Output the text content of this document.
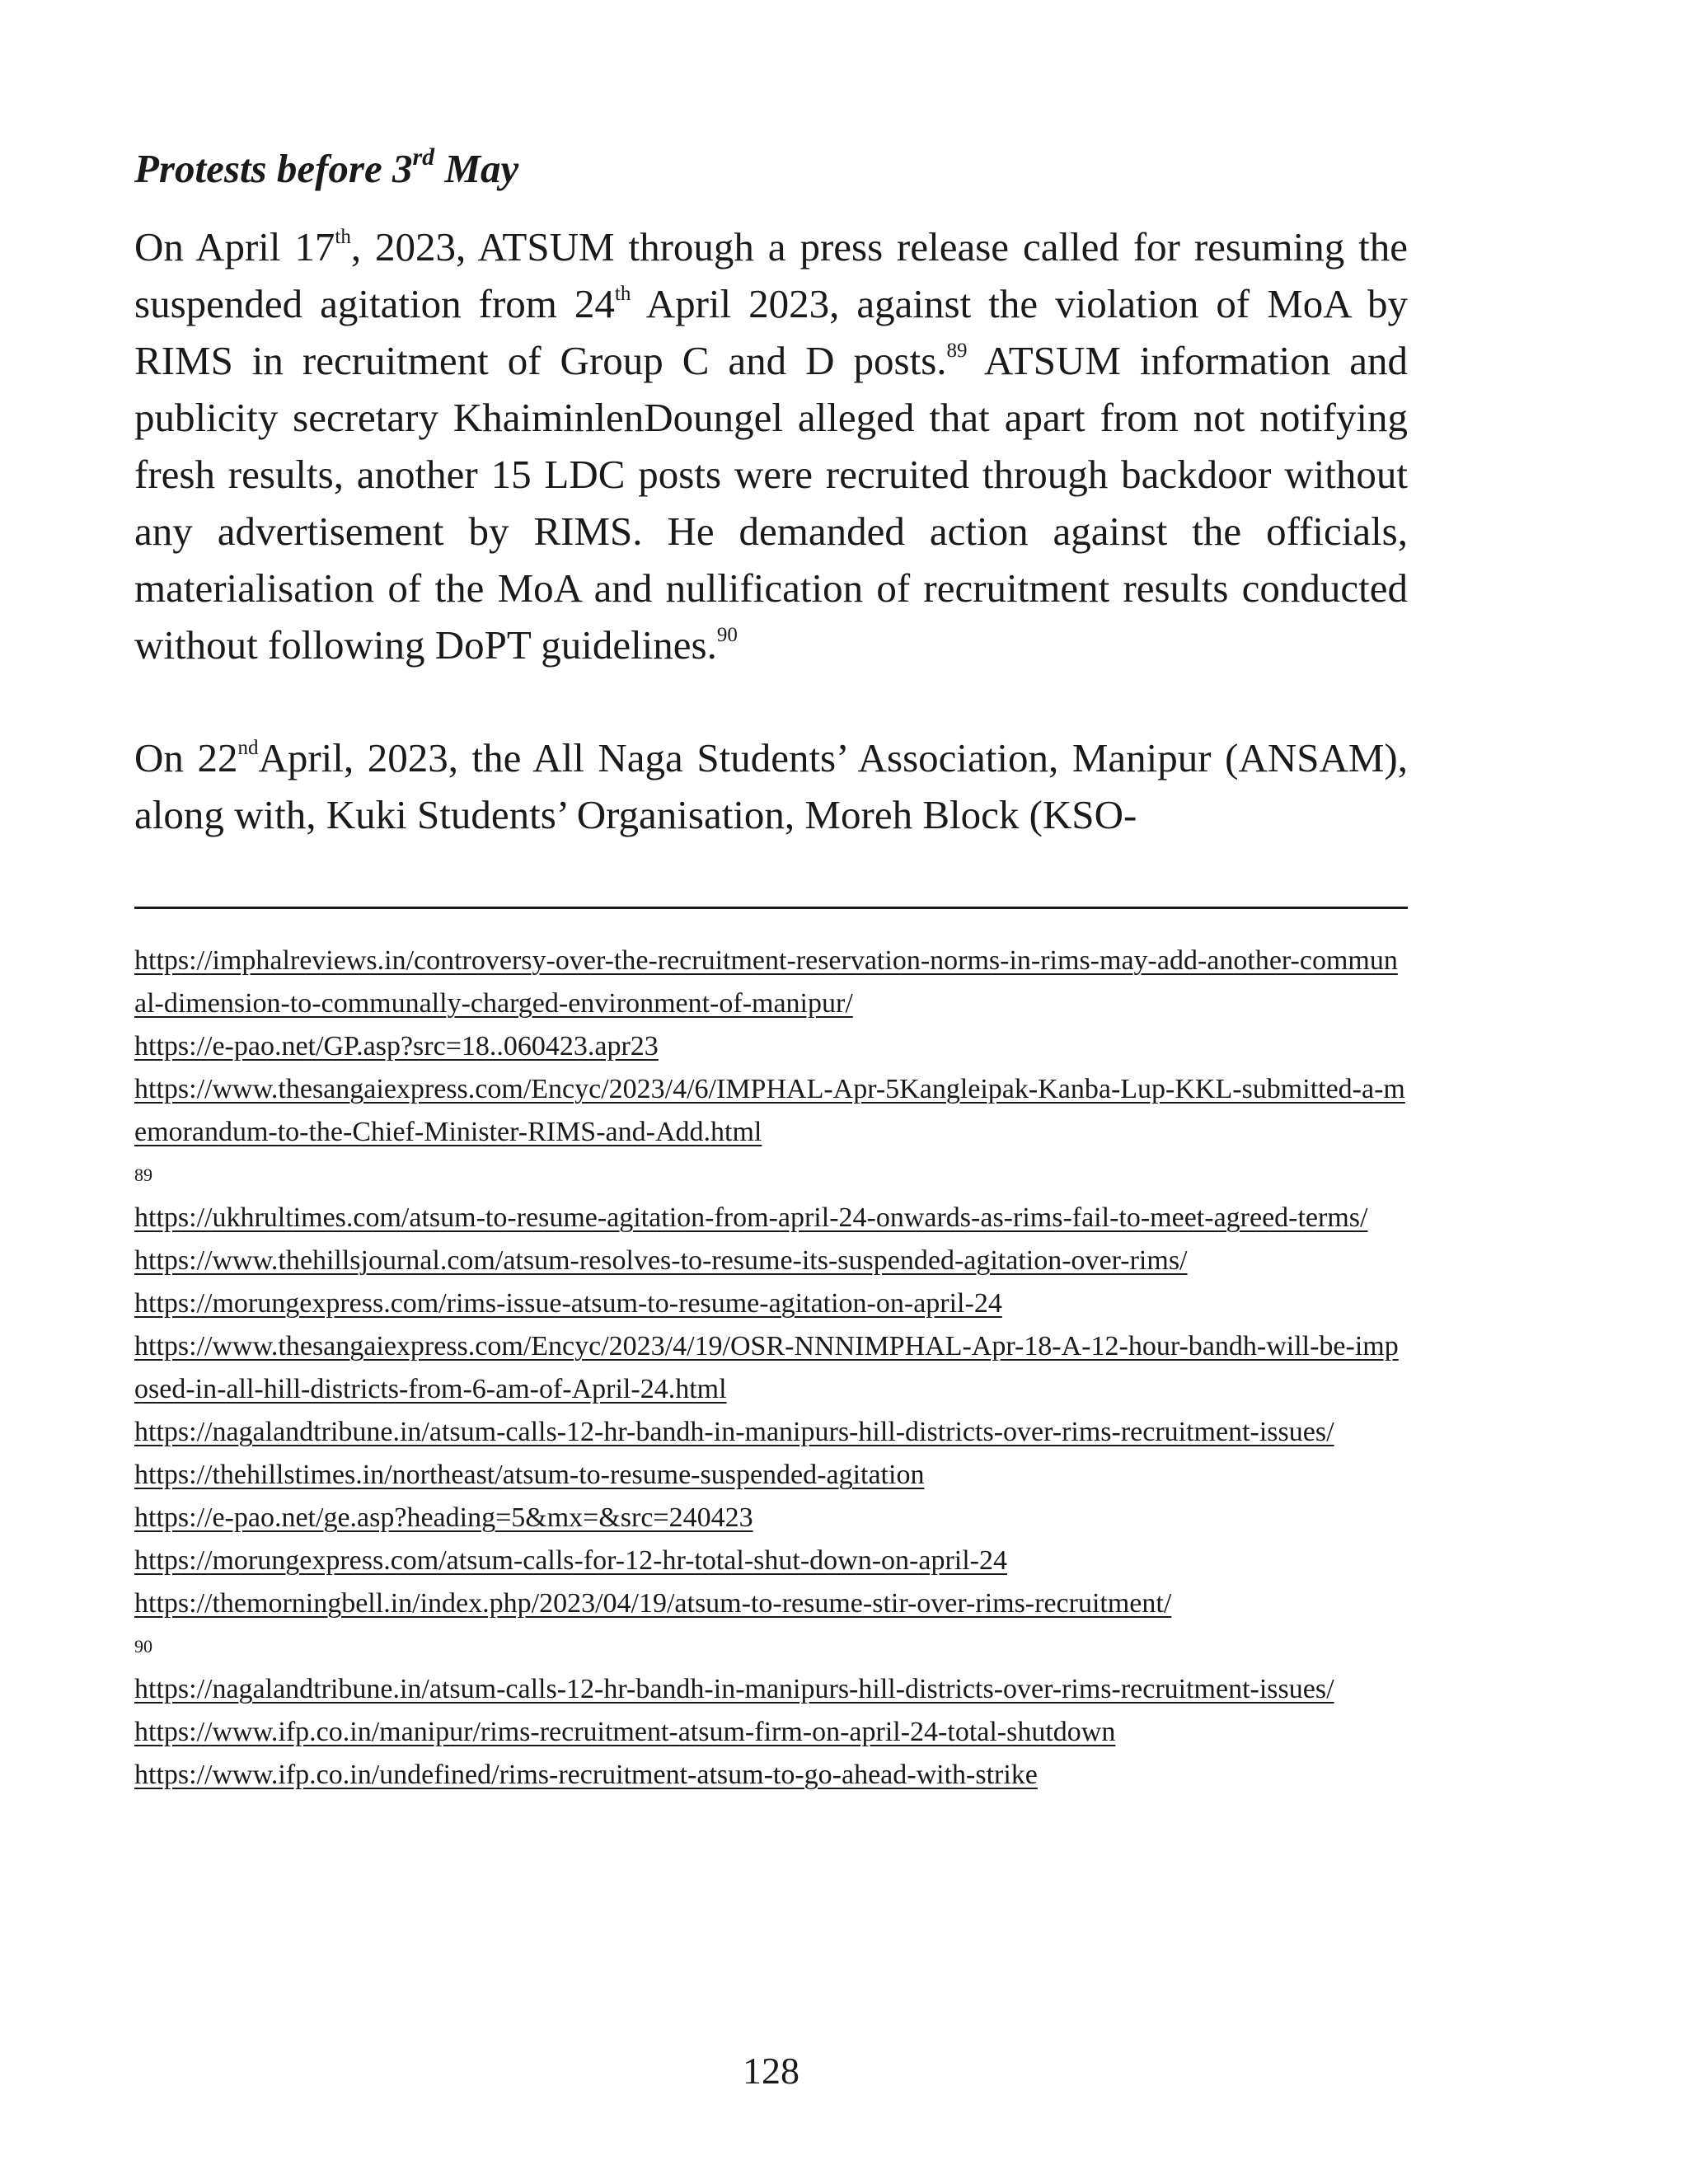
Protests before 3rd May

On April 17th, 2023, ATSUM through a press release called for resuming the suspended agitation from 24th April 2023, against the violation of MoA by RIMS in recruitment of Group C and D posts.$^{89}$ ATSUM information and publicity secretary KhaiminlenDoungel alleged that apart from not notifying fresh results, another 15 LDC posts were recruited through backdoor without any advertisement by RIMS. He demanded action against the officials, materialisation of the MoA and nullification of recruitment results conducted without following DoPT guidelines.$^{90}$

On 22ndApril, 2023, the All Naga Students’ Association, Manipur (ANSAM), along with, Kuki Students’ Organisation, Moreh Block (KSO-

https://imphalreviews.in/controversy-over-the-recruitment-reservation-norms-in-rims-may-add-another-communal-dimension-to-communally-charged-environment-of-manipur/
https://e-pao.net/GP.asp?src=18..060423.apr23
https://www.thesangaiexpress.com/Encyc/2023/4/6/IMPHAL-Apr-5Kangleipak-Kanba-Lup-KKL-submitted-a-memorandum-to-the-Chief-Minister-RIMS-and-Add.html
89
https://ukhrultimes.com/atsum-to-resume-agitation-from-april-24-onwards-as-rims-fail-to-meet-agreed-terms/
https://www.thehillsjournal.com/atsum-resolves-to-resume-its-suspended-agitation-over-rims/
https://morungexpress.com/rims-issue-atsum-to-resume-agitation-on-april-24
https://www.thesangaiexpress.com/Encyc/2023/4/19/OSR-NNNIMPHAL-Apr-18-A-12-hour-bandh-will-be-imposed-in-all-hill-districts-from-6-am-of-April-24.html
https://nagalandtribune.in/atsum-calls-12-hr-bandh-in-manipurs-hill-districts-over-rims-recruitment-issues/
https://thehillstimes.in/northeast/atsum-to-resume-suspended-agitation
https://e-pao.net/ge.asp?heading=5&mx=&src=240423
https://morungexpress.com/atsum-calls-for-12-hr-total-shut-down-on-april-24
https://themorningbell.in/index.php/2023/04/19/atsum-to-resume-stir-over-rims-recruitment/
90
https://nagalandtribune.in/atsum-calls-12-hr-bandh-in-manipurs-hill-districts-over-rims-recruitment-issues/
https://www.ifp.co.in/manipur/rims-recruitment-atsum-firm-on-april-24-total-shutdown
https://www.ifp.co.in/undefined/rims-recruitment-atsum-to-go-ahead-with-strike
128
